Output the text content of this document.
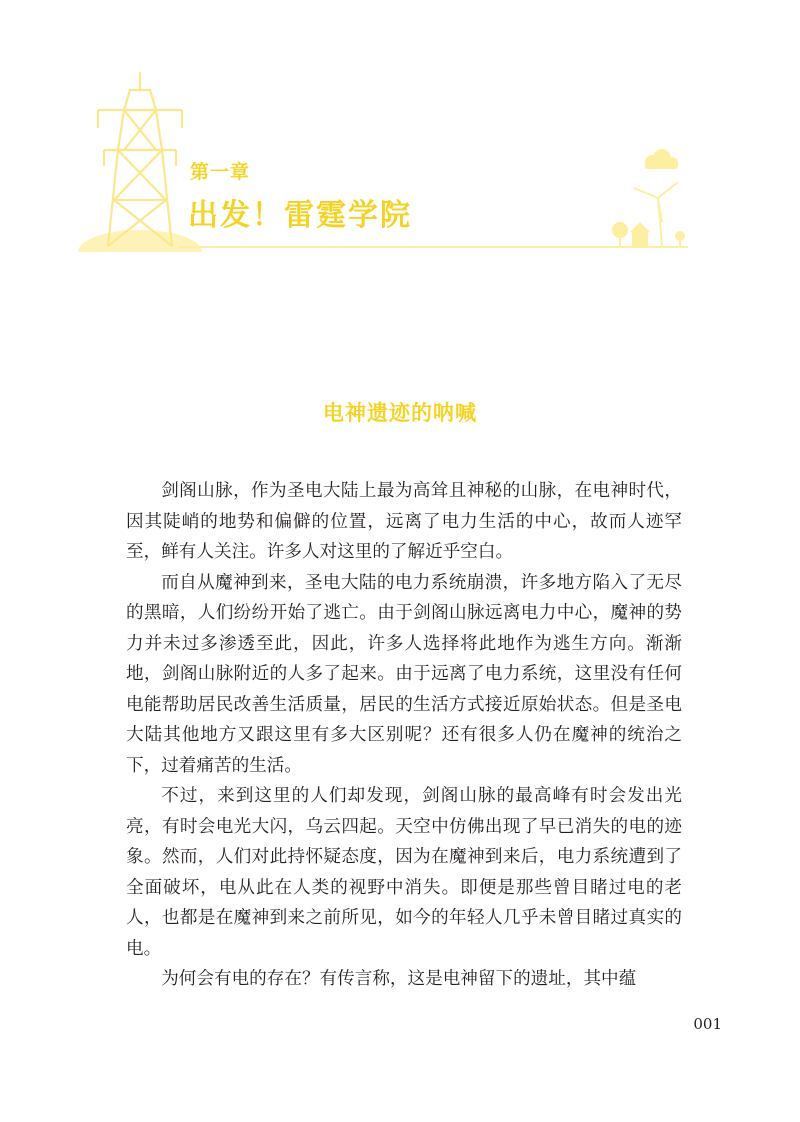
第一章

出发！雷霆学院
电神遗迹的呐喊

剑阁山脉，作为圣电大陆上最为高耸且神秘的山脉，在电神时代，因其陡峭的地势和偏僻的位置，远离了电力生活的中心，故而人迹罕至，鲜有人关注。许多人对这里的了解近乎空白。

而自从魔神到来，圣电大陆的电力系统崩溃，许多地方陷入了无尽的黑暗，人们纷纷开始了逃亡。由于剑阁山脉远离电力中心，魔神的势力并未过多渗透至此，因此，许多人选择将此地作为逃生方向。渐渐地，剑阁山脉附近的人多了起来。由于远离了电力系统，这里没有任何电能帮助居民改善生活质量，居民的生活方式接近原始状态。但是圣电大陆其他地方又跟这里有多大区别呢？还有很多人仍在魔神的统治之下，过着痛苦的生活。

不过，来到这里的人们却发现，剑阁山脉的最高峰有时会发出光亮，有时会电光大闪，乌云四起。天空中仿佛出现了早已消失的电的迹象。然而，人们对此持怀疑态度，因为在魔神到来后，电力系统遭到了全面破坏，电从此在人类的视野中消失。即便是那些曾目睹过电的老人，也都是在魔神到来之前所见，如今的年轻人几乎未曾目睹过真实的电。

为何会有电的存在？有传言称，这是电神留下的遗址，其中蕴

001
